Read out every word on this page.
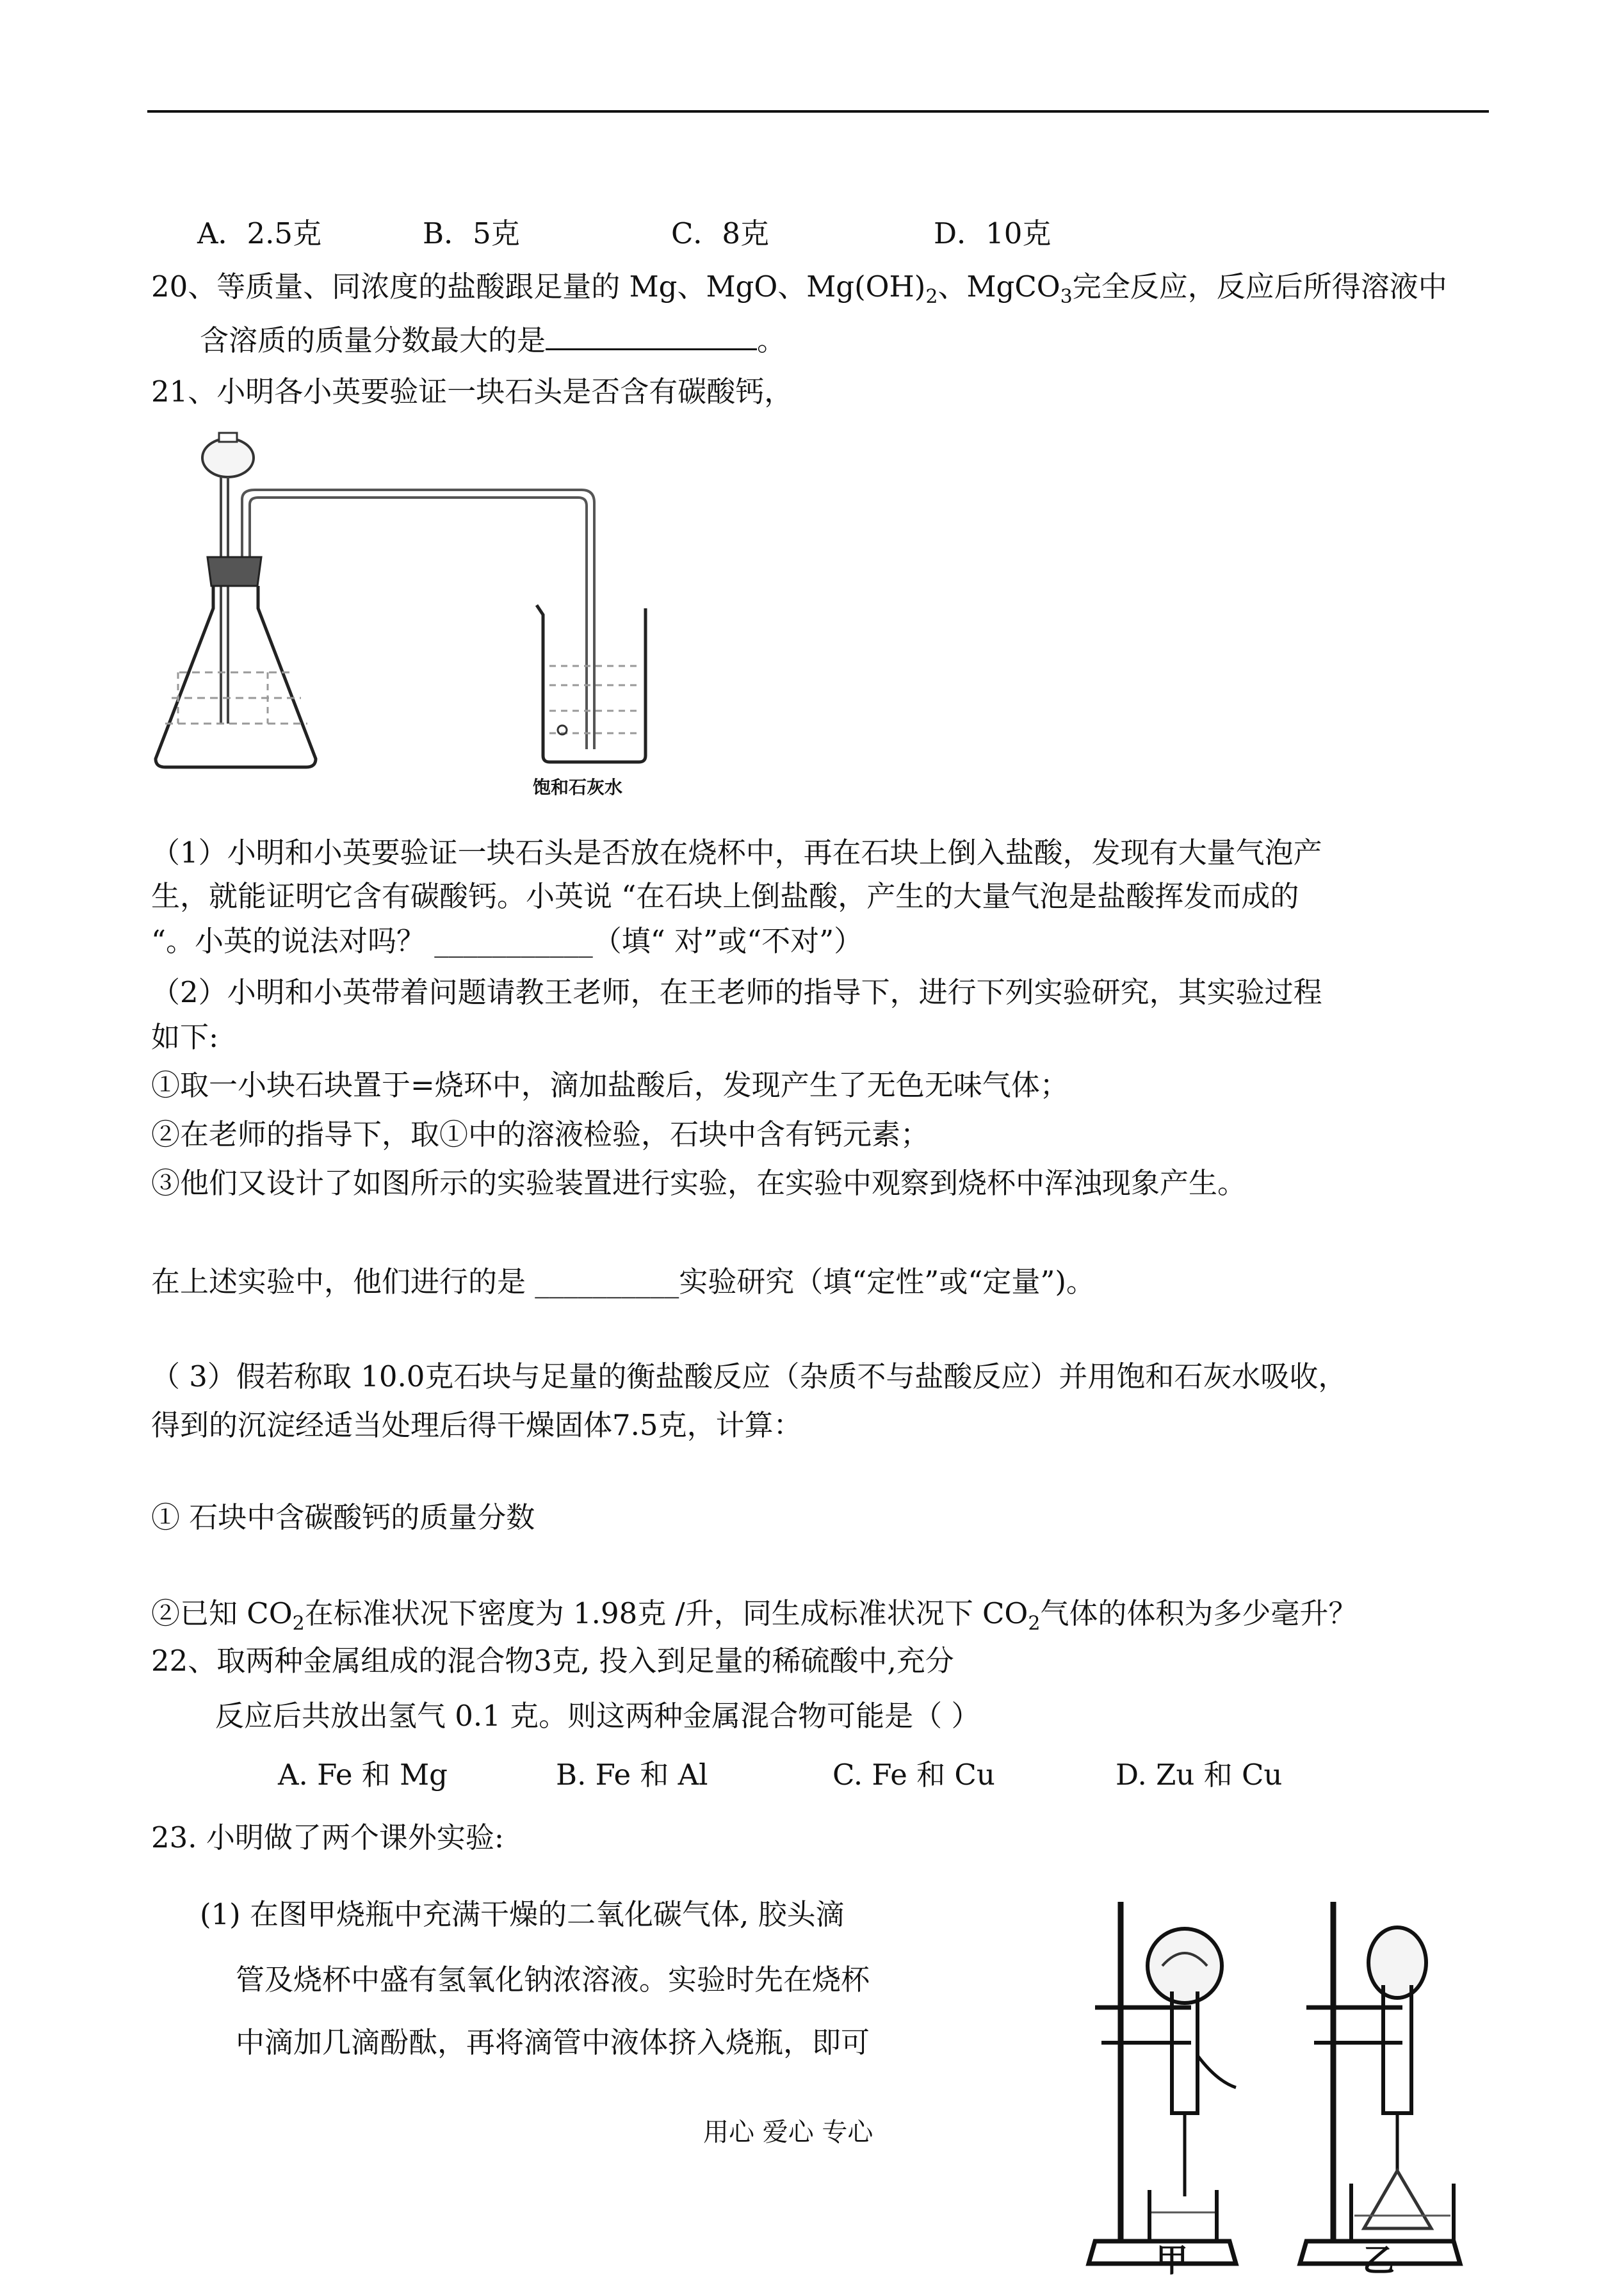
A．2.5克	B．5克	C．8克	D．10克
20、等质量、同浓度的盐酸跟足量的 Mg、MgO、$Mg(OH)_2$、MgCO$_3$完全反应，反应后所得溶液中
含溶质的质量分数最大的是	。
21、小明各小英要验证一块石头是否含有碳酸钙，
饱和石灰水
（1）小明和小英要验证一块石头是否放在烧杯中，再在石块上倒入盐酸，发现有大量气泡产
生，就能证明它含有碳酸钙。小英说 “在石块上倒盐酸，产生的大量气泡是盐酸挥发而成的
“。小英的说法对吗？ ___________（填“ 对”或“不对”）
（2）小明和小英带着问题请教王老师，在王老师的指导下，进行下列实验研究，其实验过程
如下:
①取一小块石块置于=烧环中，滴加盐酸后，发现产生了无色无味气体；
②在老师的指导下，取①中的溶液检验，石块中含有钙元素；
③他们又设计了如图所示的实验装置进行实验，在实验中观察到烧杯中浑浊现象产生。
在上述实验中，他们进行的是 __________实验研究（填“定性”或“定量”)。
（ 3）假若称取 10.0克石块与足量的衡盐酸反应（杂质不与盐酸反应）并用饱和石灰水吸收，
得到的沉淀经适当处理后得干燥固体7.5克，计算：
① 石块中含碳酸钙的质量分数
②已知 $CO_2$在标准状况下密度为 1.98克 /升，同生成标准状况下 $CO_2$气体的体积为多少毫升？
22、取两种金属组成的混合物3克, 投入到足量的稀硫酸中,充分
反应后共放出氢气 0.1 克。则这两种金属混合物可能是（ ）
A. Fe 和 Mg	B. Fe 和 Al	C. Fe 和 Cu	D. Zu 和 Cu
23. 小明做了两个课外实验:
(1) 在图甲烧瓶中充满干燥的二氧化碳气体, 胶头滴
管及烧杯中盛有氢氧化钠浓溶液。实验时先在烧杯
中滴加几滴酚酞，再将滴管中液体挤入烧瓶，即可
甲	乙
用心 爱心 专心
